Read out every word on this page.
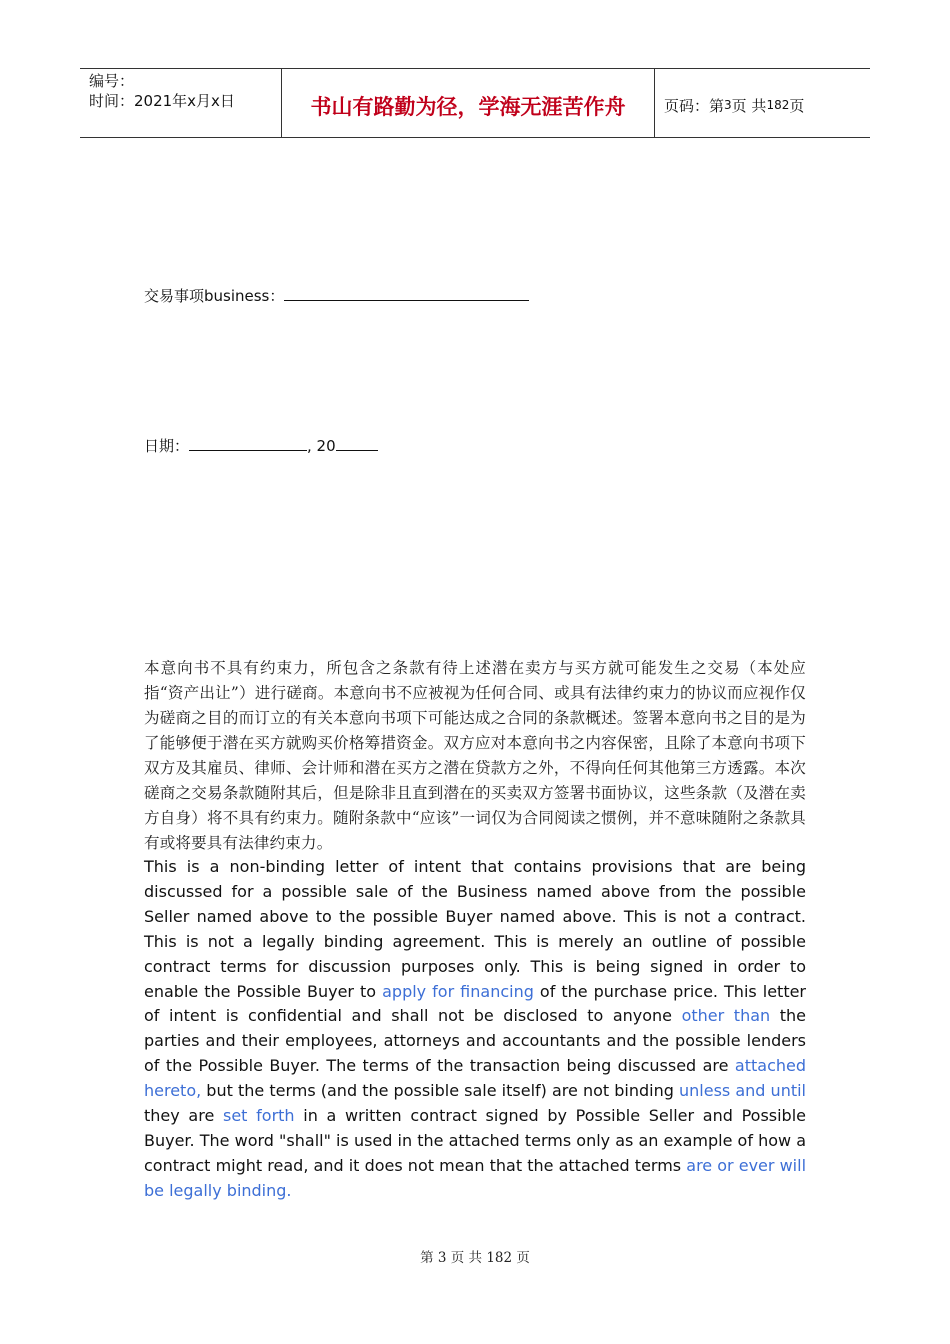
编号：
时间：2021年x月x日	书山有路勤为径，学海无涯苦作舟	页码：第 3 页 共 182 页
交易事项business：
日期：	, 20
本意向书不具有约束力，所包含之条款有待上述潜在卖方与买方就可能发生之交易（本处应指“资产出让”）进行磋商。本意向书不应被视为任何合同、或具有法律约束力的协议而应视作仅为磋商之目的而订立的有关本意向书项下可能达成之合同的条款概述。签署本意向书之目的是为了能够便于潜在买方就购买价格筹措资金。双方应对本意向书之内容保密，且除了本意向书项下双方及其雇员、律师、会计师和潜在买方之潜在贷款方之外，不得向任何其他第三方透露。本次磋商之交易条款随附其后，但是除非且直到潜在的买卖双方签署书面协议，这些条款（及潜在卖方自身）将不具有约束力。随附条款中“应该”一词仅为合同阅读之惯例，并不意味随附之条款具有或将要具有法律约束力。
This is a non-binding letter of intent that contains provisions that are being discussed for a possible sale of the Business named above from the possible Seller named above to the possible Buyer named above. This is not a contract. This is not a legally binding agreement. This is merely an outline of possible contract terms for discussion purposes only. This is being signed in order to enable the Possible Buyer to apply for financing of the purchase price. This letter of intent is confidential and shall not be disclosed to anyone other than the parties and their employees, attorneys and accountants and the possible lenders of the Possible Buyer. The terms of the transaction being discussed are attached hereto, but the terms (and the possible sale itself) are not binding unless and until they are set forth in a written contract signed by Possible Seller and Possible Buyer. The word "shall" is used in the attached terms only as an example of how a contract might read, and it does not mean that the attached terms are or ever will be legally binding.
第 3 页 共 182 页
